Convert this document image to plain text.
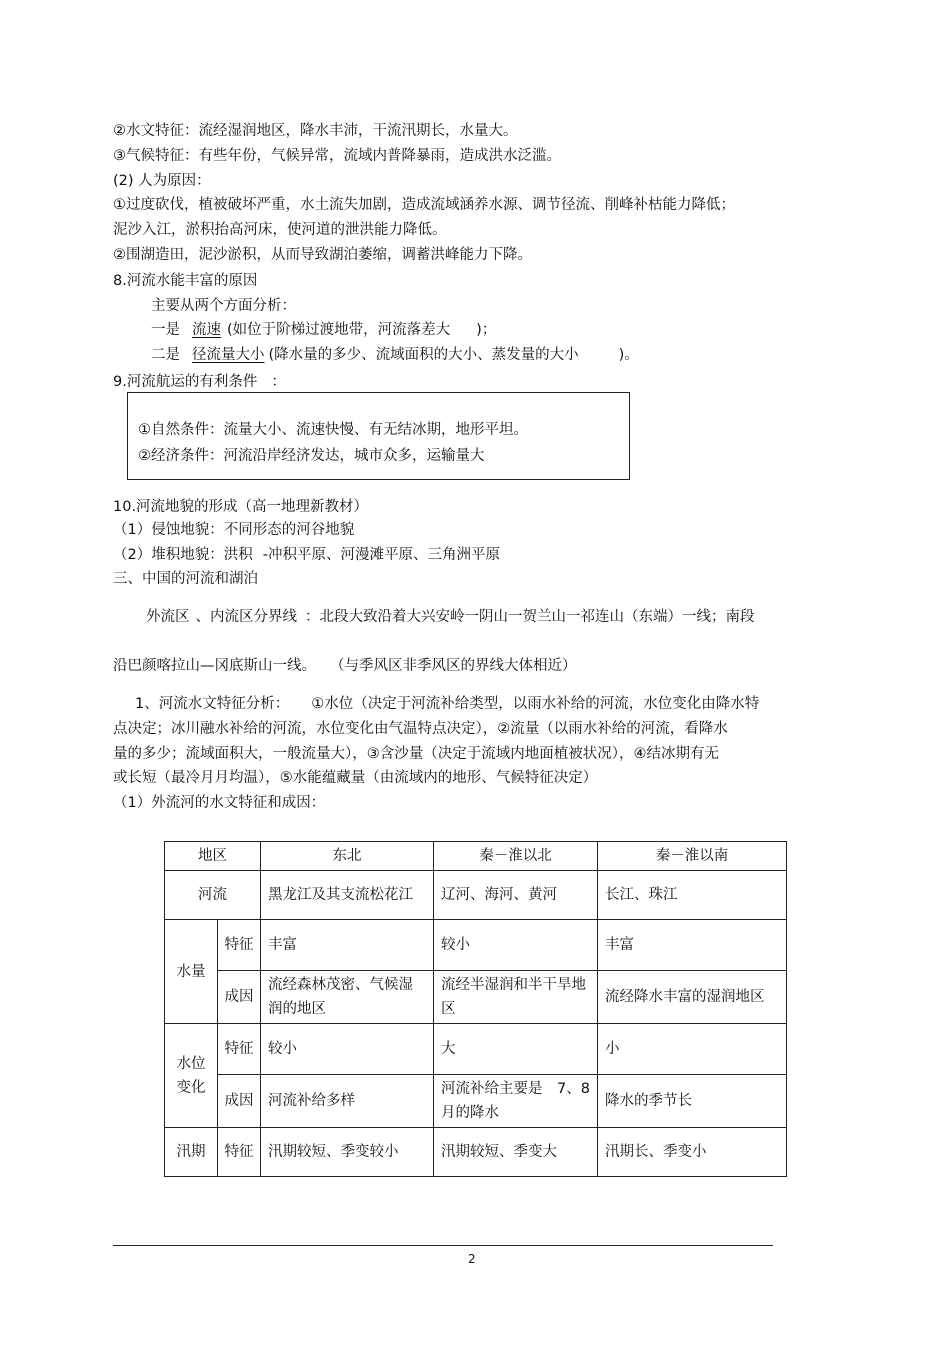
②水文特征：流经湿润地区，降水丰沛，干流汛期长，水量大。
③气候特征：有些年份，气候异常，流域内普降暴雨，造成洪水泛滥。
(2) 人为原因：
①过度砍伐，植被破坏严重，水土流失加剧，造成流域涵养水源、调节径流、削峰补枯能力降低；
泥沙入江，淤积抬高河床，使河道的泄洪能力降低。
②围湖造田，泥沙淤积，从而导致湖泊萎缩，调蓄洪峰能力下降。
8.河流水能丰富的原因
主要从两个方面分析：
一是 流速 (如位于阶梯过渡地带，河流落差大 )；
二是 径流量大小 (降水量的多少、流域面积的大小、蒸发量的大小	)。
9.河流航运的有利条件 ：
①自然条件：流量大小、流速快慢、有无结冰期，地形平坦。
②经济条件：河流沿岸经济发达，城市众多，运输量大
10.河流地貌的形成（高一地理新教材）
（1）侵蚀地貌：不同形态的河谷地貌
（2）堆积地貌：洪积 -冲积平原、河漫滩平原、三角洲平原
三、中国的河流和湖泊
外流区 、内流区分界线 ：北段大致沿着大兴安岭一阴山一贺兰山一祁连山（东端）一线；南段
沿巴颜喀拉山—冈底斯山一线。 （与季风区非季风区的界线大体相近）
1、河流水文特征分析： ①水位（决定于河流补给类型，以雨水补给的河流，水位变化由降水特
点决定；冰川融水补给的河流，水位变化由气温特点决定），②流量（以雨水补给的河流，看降水
量的多少；流域面积大，一般流量大），③含沙量（决定于流域内地面植被状况），④结冰期有无
或长短（最冷月月均温），⑤水能蕴藏量（由流域内的地形、气候特征决定）
（1）外流河的水文特征和成因：
地区		东北	秦－淮以北	秦－淮以南
河流		黑龙江及其支流松花江	辽河、海河、黄河	长江、珠江
水量	特征	丰富	较小	丰富
	成因	流经森林茂密、气候湿润的地区	流经半湿润和半干旱地区	流经降水丰富的湿润地区
水位变化	特征	较小	大	小
	成因	河流补给多样	河流补给主要是　7、8月的降水	降水的季节长
汛期	特征	汛期较短、季变较小	汛期较短、季变大	汛期长、季变小
2
